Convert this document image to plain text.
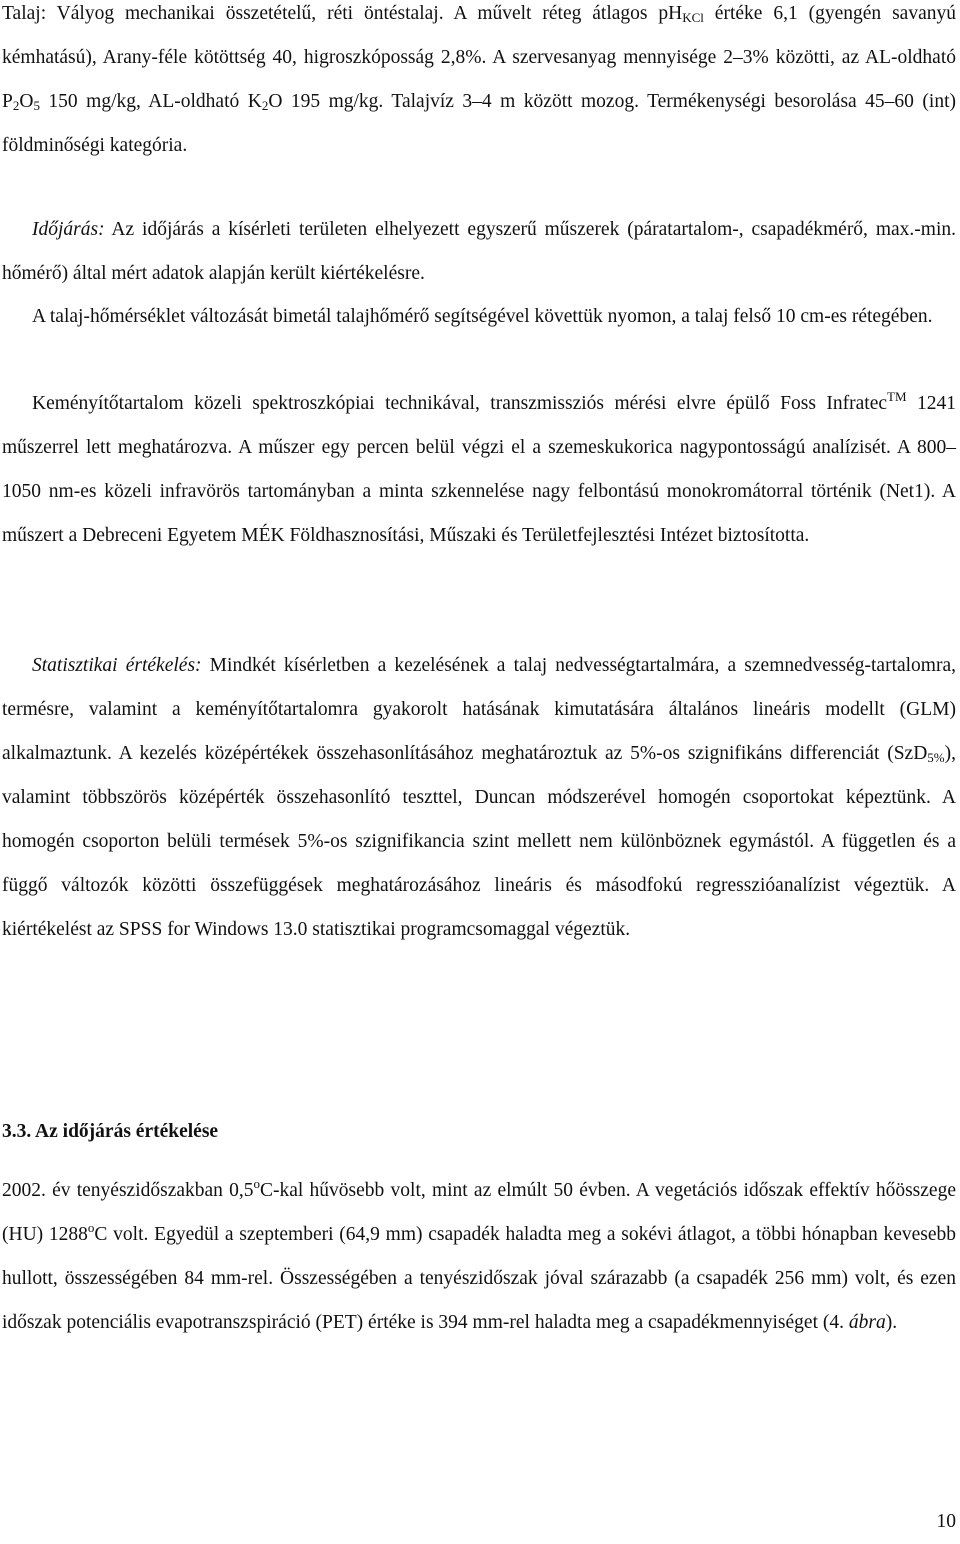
Talaj: Vályog mechanikai összetételű, réti öntéstalaj. A művelt réteg átlagos $pH_{KCl}$ értéke 6,1 (gyengén savanyú kémhatású), Arany-féle kötöttség 40, higroszkóposság 2,8%. A szervesanyag mennyisége 2–3% közötti, az AL-oldható $P_2O_5$ 150 mg/kg, AL-oldható $K_2O$ 195 mg/kg. Talajvíz 3–4 m között mozog. Termékenységi besorolása 45–60 (int) földminőségi kategória.

Időjárás: Az időjárás a kísérleti területen elhelyezett egyszerű műszerek (páratartalom-, csapadékmérő, max.-min. hőmérő) által mért adatok alapján került kiértékelésre.

A talaj-hőmérséklet változását bimetál talajhőmérő segítségével követtük nyomon, a talaj felső 10 cm-es rétegében.

Keményítőtartalom közeli spektroszkópiai technikával, transzmissziós mérési elvre épülő Foss Infratec™ 1241 műszerrel lett meghatározva. A műszer egy percen belül végzi el a szemeskukorica nagypontosságú analízisét. A 800–1050 nm-es közeli infravörös tartományban a minta szkennelése nagy felbontású monokromátorral történik (Net1). A műszert a Debreceni Egyetem MÉK Földhasznosítási, Műszaki és Területfejlesztési Intézet biztosította.

Statisztikai értékelés: Mindkét kísérletben a kezelésének a talaj nedvességtartalmára, a szemnedvesség-tartalomra, termésre, valamint a keményítőtartalomra gyakorolt hatásának kimutatására általános lineáris modellt (GLM) alkalmaztunk. A kezelés középértékek összehasonlításához meghatároztuk az 5%-os szignifikáns differenciát (SzD$_{5\%}$), valamint többszörös középérték összehasonlító teszttel, Duncan módszerével homogén csoportokat képeztünk. A homogén csoporton belüli termések 5%-os szignifikancia szint mellett nem különböznek egymástól. A független és a függő változók közötti összefüggések meghatározásához lineáris és másodfokú regresszióanalízist végeztük. A kiértékelést az SPSS for Windows 13.0 statisztikai programcsomaggal végeztük.

3.3. Az időjárás értékelése

2002. év tenyészidőszakban 0,5$^o$C-kal hűvösebb volt, mint az elmúlt 50 évben. A vegetációs időszak effektív hőösszege (HU) 1288$^o$C volt. Egyedül a szeptemberi (64,9 mm) csapadék haladta meg a sokévi átlagot, a többi hónapban kevesebb hullott, összességében 84 mm-rel. Összességében a tenyészidőszak jóval szárazabb (a csapadék 256 mm) volt, és ezen időszak potenciális evapotranszspiráció (PET) értéke is 394 mm-rel haladta meg a csapadékmennyiséget (4. ábra).

10
